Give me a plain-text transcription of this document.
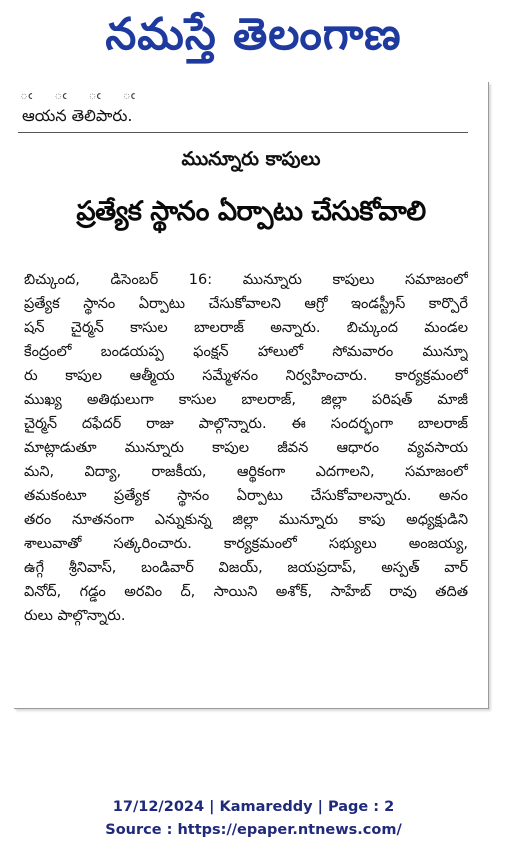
నమస్తే తెలంగాణ
ఁ ఁ ఁ ఁ
ఆయన తెలిపారు.
మున్నూరు కాపులు
ప్రత్యేక స్థానం ఏర్పాటు చేసుకోవాలి
బిచ్కుంద, డిసెంబర్ 16: మున్నూరు కాపులు సమాజంలో
ప్రత్యేక స్థానం ఏర్పాటు చేసుకోవాలని ఆగ్రో ఇండస్ట్రీస్ కార్పొరే
షన్ చైర్మన్ కాసుల బాలరాజ్ అన్నారు. బిచ్కుంద మండల
కేంద్రంలో బండయప్ప ఫంక్షన్ హాలులో సోమవారం మున్నూ
రు కాపుల ఆత్మీయ సమ్మేళనం నిర్వహించారు. కార్యక్రమంలో
ముఖ్య అతిథులుగా కాసుల బాలరాజ్, జిల్లా పరిషత్ మాజీ
చైర్మన్ దఫేదర్ రాజు పాల్గొన్నారు. ఈ సందర్భంగా బాలరాజ్
మాట్లాడుతూ మున్నూరు కాపుల జీవన ఆధారం వ్యవసాయ
మని, విద్యా, రాజకీయ, ఆర్థికంగా ఎదగాలని, సమాజంలో
తమకంటూ ప్రత్యేక స్థానం ఏర్పాటు చేసుకోవాలన్నారు. అనం
తరం నూతనంగా ఎన్నుకున్న జిల్లా మున్నూరు కాపు అధ్యక్షుడిని
శాలువాతో సత్కరించారు. కార్యక్రమంలో సభ్యులు అంజయ్య,
ఉగ్గే శ్రీనివాస్, బండివార్ విజయ్, జయప్రదాప్, అస్పత్ వార్
వినోద్, గడ్డం అరవిం ద్, సాయిని అశోక్, సాహేబ్ రావు తదిత
రులు పాల్గొన్నారు.
17/12/2024 | Kamareddy | Page : 2
Source : https://epaper.ntnews.com/
